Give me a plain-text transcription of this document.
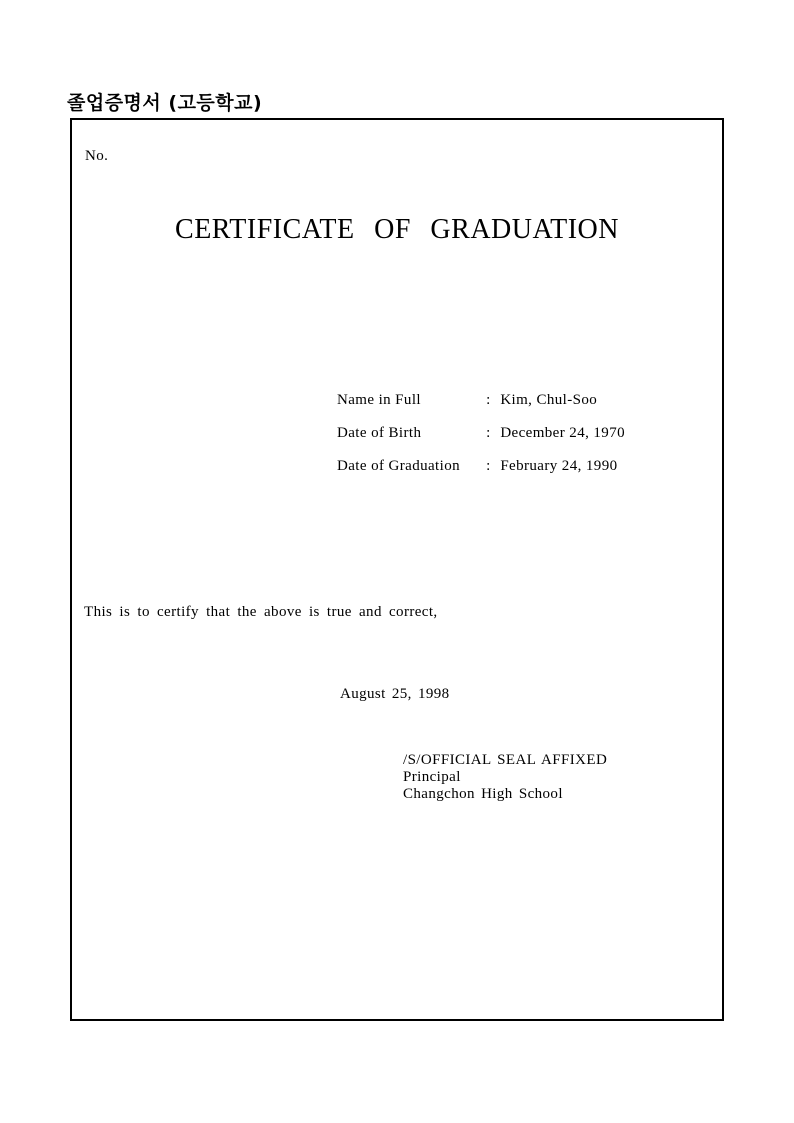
졸업증명서 (고등학교)
No.
CERTIFICATE OF GRADUATION
Name in Full	: Kim, Chul-Soo
Date of Birth	: December 24, 1970
Date of Graduation : February 24, 1990
This is to certify that the above is true and correct,
August 25, 1998
/S/OFFICIAL SEAL AFFIXED
Principal
Changchon High School
